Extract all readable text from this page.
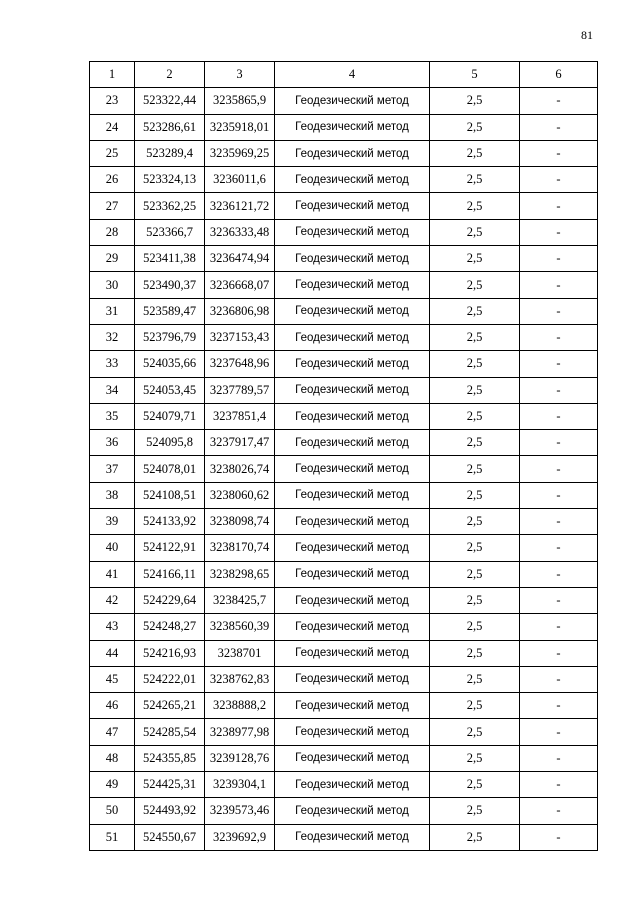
81
1	2	3	4	5	6
23	523322,44	3235865,9	Геодезический метод	2,5	-
24	523286,61	3235918,01	Геодезический метод	2,5	-
25	523289,4	3235969,25	Геодезический метод	2,5	-
26	523324,13	3236011,6	Геодезический метод	2,5	-
27	523362,25	3236121,72	Геодезический метод	2,5	-
28	523366,7	3236333,48	Геодезический метод	2,5	-
29	523411,38	3236474,94	Геодезический метод	2,5	-
30	523490,37	3236668,07	Геодезический метод	2,5	-
31	523589,47	3236806,98	Геодезический метод	2,5	-
32	523796,79	3237153,43	Геодезический метод	2,5	-
33	524035,66	3237648,96	Геодезический метод	2,5	-
34	524053,45	3237789,57	Геодезический метод	2,5	-
35	524079,71	3237851,4	Геодезический метод	2,5	-
36	524095,8	3237917,47	Геодезический метод	2,5	-
37	524078,01	3238026,74	Геодезический метод	2,5	-
38	524108,51	3238060,62	Геодезический метод	2,5	-
39	524133,92	3238098,74	Геодезический метод	2,5	-
40	524122,91	3238170,74	Геодезический метод	2,5	-
41	524166,11	3238298,65	Геодезический метод	2,5	-
42	524229,64	3238425,7	Геодезический метод	2,5	-
43	524248,27	3238560,39	Геодезический метод	2,5	-
44	524216,93	3238701	Геодезический метод	2,5	-
45	524222,01	3238762,83	Геодезический метод	2,5	-
46	524265,21	3238888,2	Геодезический метод	2,5	-
47	524285,54	3238977,98	Геодезический метод	2,5	-
48	524355,85	3239128,76	Геодезический метод	2,5	-
49	524425,31	3239304,1	Геодезический метод	2,5	-
50	524493,92	3239573,46	Геодезический метод	2,5	-
51	524550,67	3239692,9	Геодезический метод	2,5	-
